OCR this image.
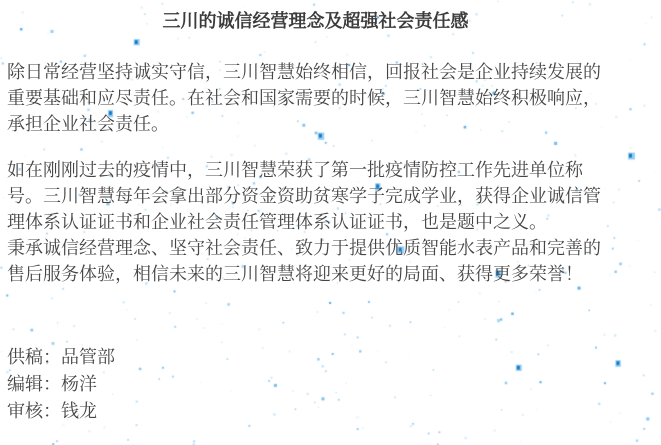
三川的诚信经营理念及超强社会责任感
除日常经营坚持诚实守信，三川智慧始终相信，回报社会是企业持续发展的
重要基础和应尽责任。在社会和国家需要的时候，三川智慧始终积极响应，
承担企业社会责任。
如在刚刚过去的疫情中，三川智慧荣获了第一批疫情防控工作先进单位称
号。三川智慧每年会拿出部分资金资助贫寒学子完成学业，获得企业诚信管
理体系认证证书和企业社会责任管理体系认证证书，也是题中之义。
秉承诚信经营理念、坚守社会责任、致力于提供优质智能水表产品和完善的
售后服务体验，相信未来的三川智慧将迎来更好的局面、获得更多荣誉！
供稿：品管部
编辑：杨洋
审核：钱龙
